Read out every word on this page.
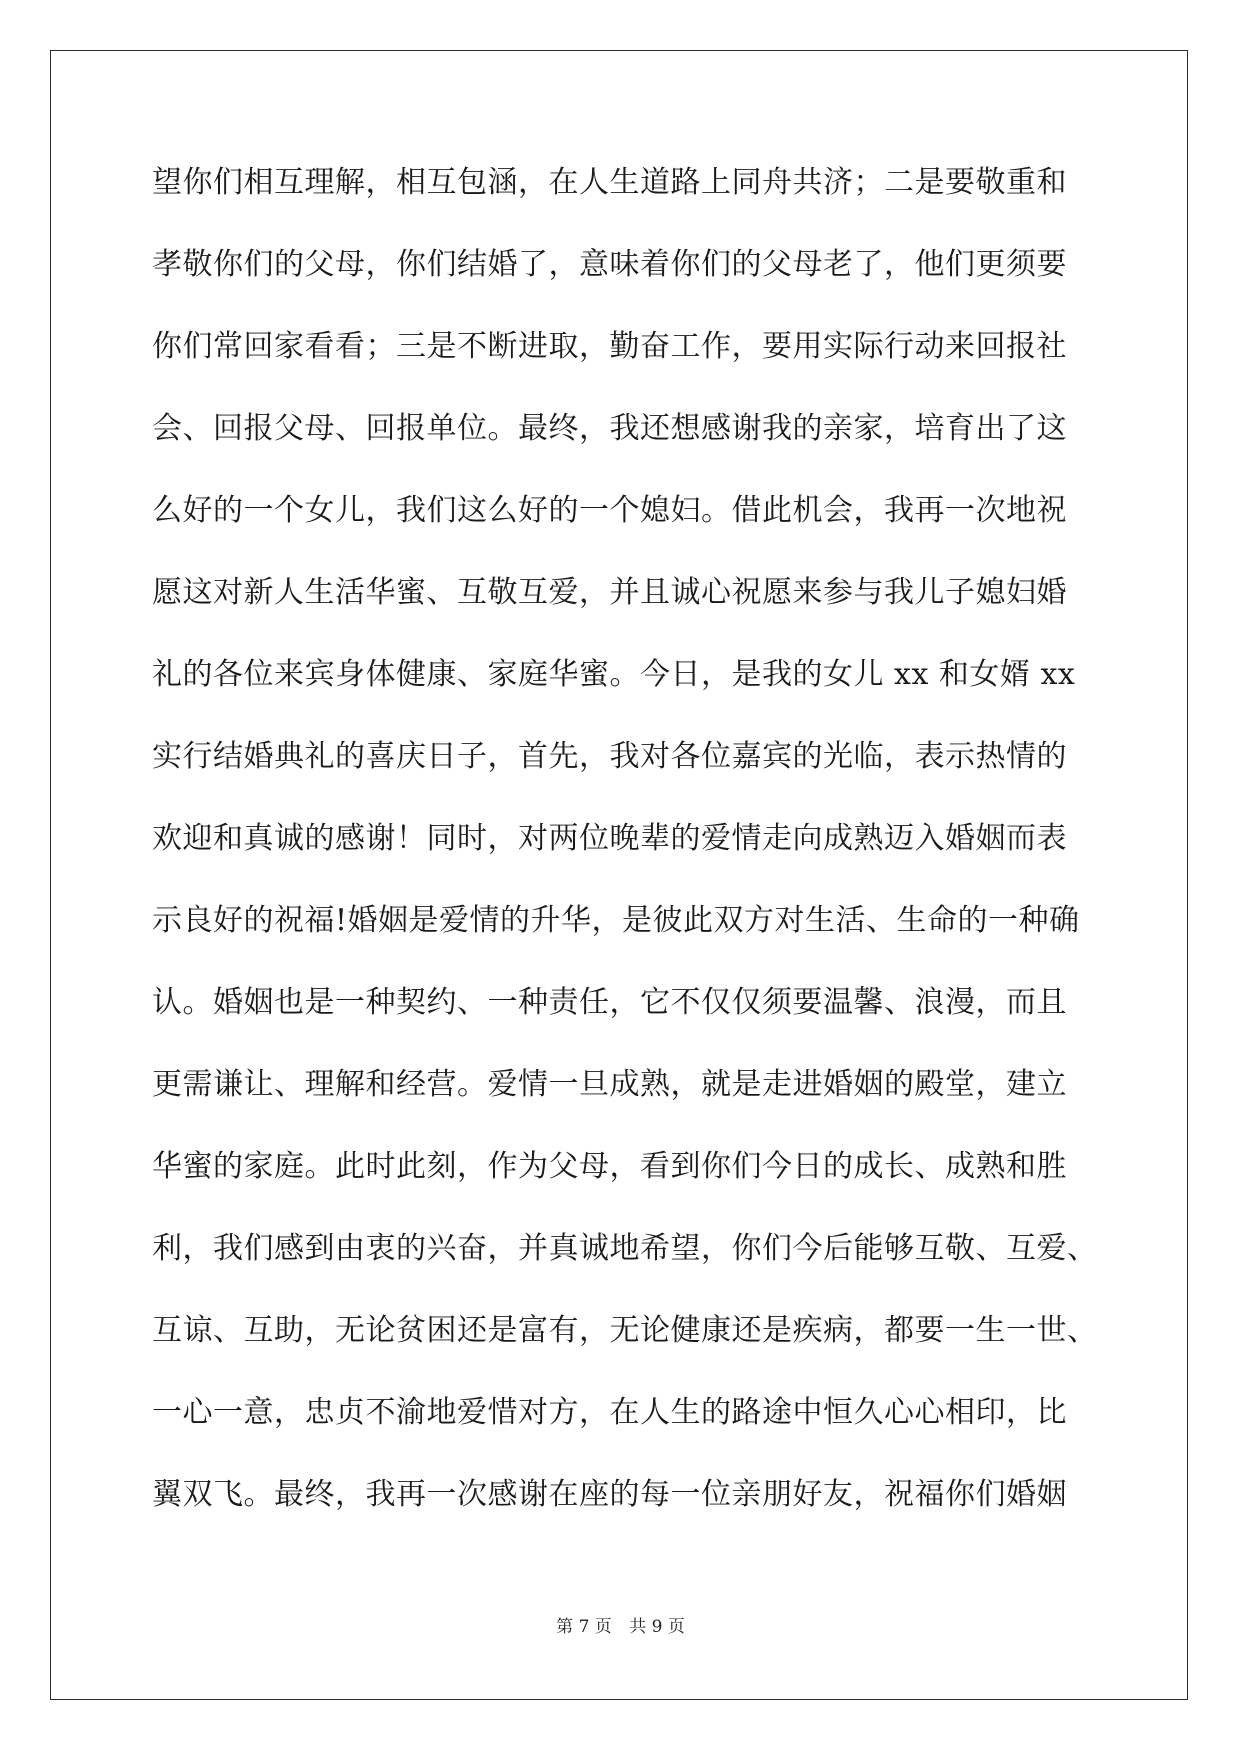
望你们相互理解，相互包涵，在人生道路上同舟共济；二是要敬重和
孝敬你们的父母，你们结婚了，意味着你们的父母老了，他们更须要
你们常回家看看；三是不断进取，勤奋工作，要用实际行动来回报社
会、回报父母、回报单位。最终，我还想感谢我的亲家，培育出了这
么好的一个女儿，我们这么好的一个媳妇。借此机会，我再一次地祝
愿这对新人生活华蜜、互敬互爱，并且诚心祝愿来参与我儿子媳妇婚
礼的各位来宾身体健康、家庭华蜜。今日，是我的女儿 xx 和女婿 xx
实行结婚典礼的喜庆日子，首先，我对各位嘉宾的光临，表示热情的
欢迎和真诚的感谢！同时，对两位晚辈的爱情走向成熟迈入婚姻而表
示良好的祝福!婚姻是爱情的升华，是彼此双方对生活、生命的一种确
认。婚姻也是一种契约、一种责任，它不仅仅须要温馨、浪漫，而且
更需谦让、理解和经营。爱情一旦成熟，就是走进婚姻的殿堂，建立
华蜜的家庭。此时此刻，作为父母，看到你们今日的成长、成熟和胜
利，我们感到由衷的兴奋，并真诚地希望，你们今后能够互敬、互爱、
互谅、互助，无论贫困还是富有，无论健康还是疾病，都要一生一世、
一心一意，忠贞不渝地爱惜对方，在人生的路途中恒久心心相印，比
翼双飞。最终，我再一次感谢在座的每一位亲朋好友，祝福你们婚姻
第 7 页 共 9 页
